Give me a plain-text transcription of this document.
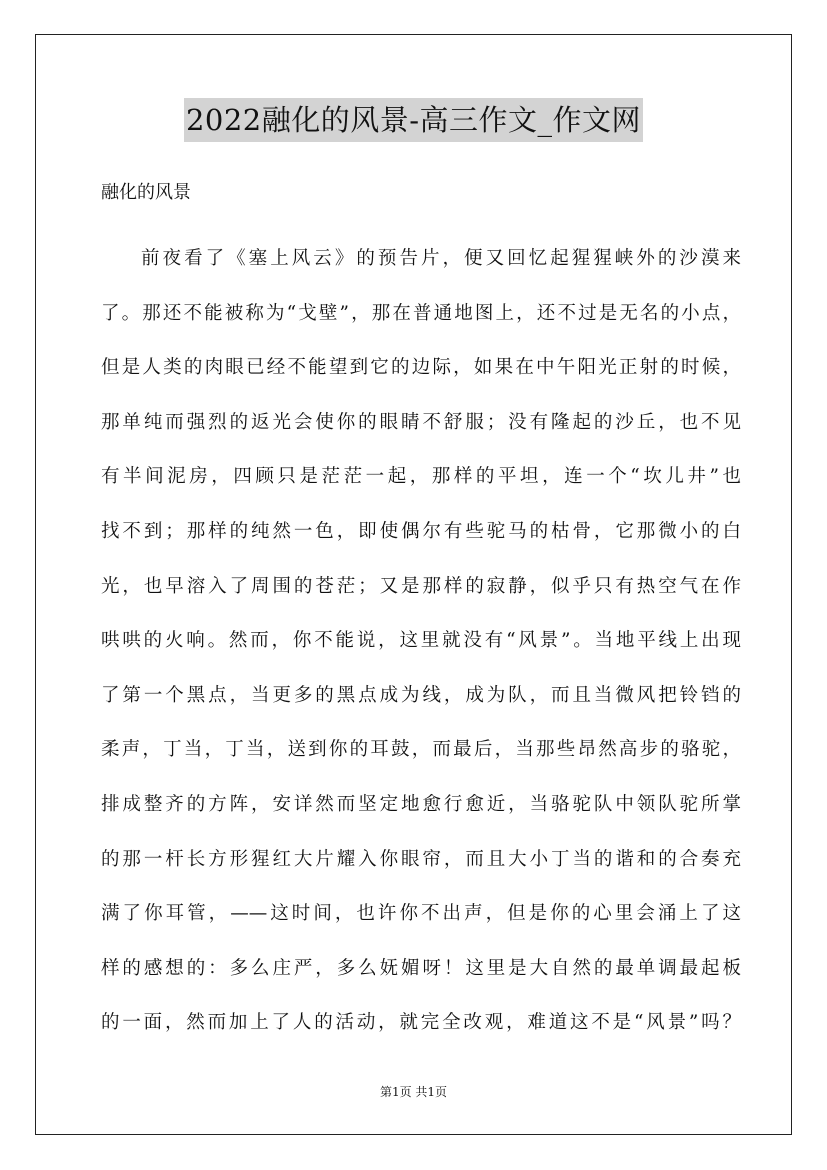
2022融化的风景-高三作文_作文网
融化的风景
前夜看了《塞上风云》的预告片，便又回忆起猩猩峡外的沙漠来
了。那还不能被称为“戈壁”，那在普通地图上，还不过是无名的小点，
但是人类的肉眼已经不能望到它的边际，如果在中午阳光正射的时候，
那单纯而强烈的返光会使你的眼睛不舒服；没有隆起的沙丘，也不见
有半间泥房，四顾只是茫茫一起，那样的平坦，连一个“坎儿井”也
找不到；那样的纯然一色，即使偶尔有些驼马的枯骨，它那微小的白
光，也早溶入了周围的苍茫；又是那样的寂静，似乎只有热空气在作
哄哄的火响。然而，你不能说，这里就没有“风景”。当地平线上出现
了第一个黑点，当更多的黑点成为线，成为队，而且当微风把铃铛的
柔声，丁当，丁当，送到你的耳鼓，而最后，当那些昂然高步的骆驼，
排成整齐的方阵，安详然而坚定地愈行愈近，当骆驼队中领队驼所掌
的那一杆长方形猩红大片耀入你眼帘，而且大小丁当的谐和的合奏充
满了你耳管，——这时间，也许你不出声，但是你的心里会涌上了这
样的感想的：多么庄严，多么妩媚呀！这里是大自然的最单调最起板
的一面，然而加上了人的活动，就完全改观，难道这不是“风景”吗？
第1页 共1页
